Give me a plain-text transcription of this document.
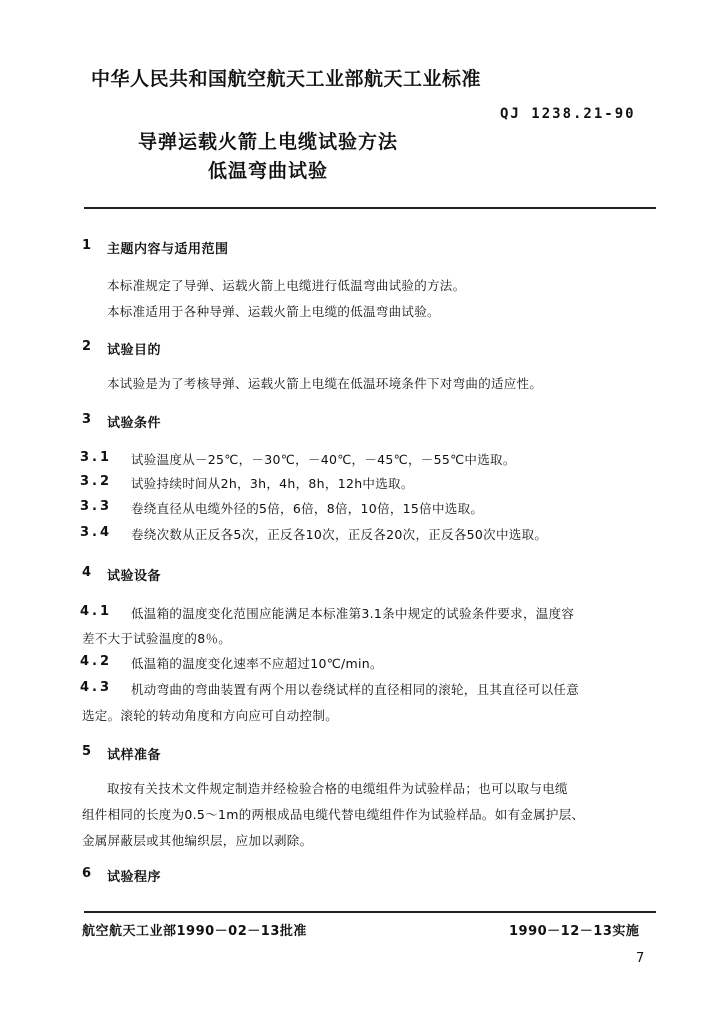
中华人民共和国航空航天工业部航天工业标准
QJ 1238.21-90
导弹运载火箭上电缆试验方法
低温弯曲试验
1 主题内容与适用范围
本标准规定了导弹、运载火箭上电缆进行低温弯曲试验的方法。
本标准适用于各种导弹、运载火箭上电缆的低温弯曲试验。
2 试验目的
本试验是为了考核导弹、运载火箭上电缆在低温环境条件下对弯曲的适应性。
3 试验条件
3.1 试验温度从－25℃，－30℃，－40℃，－45℃，－55℃中选取。
3.2 试验持续时间从2h，3h，4h，8h，12h中选取。
3.3 卷绕直径从电缆外径的5倍，6倍，8倍，10倍，15倍中选取。
3.4 卷绕次数从正反各5次，正反各10次，正反各20次，正反各50次中选取。
4 试验设备
4.1 低温箱的温度变化范围应能满足本标准第3.1条中规定的试验条件要求，温度容
差不大于试验温度的8％。
4.2 低温箱的温度变化速率不应超过10℃/min。
4.3 机动弯曲的弯曲装置有两个用以卷绕试样的直径相同的滚轮，且其直径可以任意
选定。滚轮的转动角度和方向应可自动控制。
5 试样准备
取按有关技术文件规定制造并经检验合格的电缆组件为试验样品；也可以取与电缆
组件相同的长度为0.5～1m的两根成品电缆代替电缆组件作为试验样品。如有金属护层、
金属屏蔽层或其他编织层，应加以剥除。
6 试验程序
航空航天工业部1990－02－13批准	1990－12－13实施
7
